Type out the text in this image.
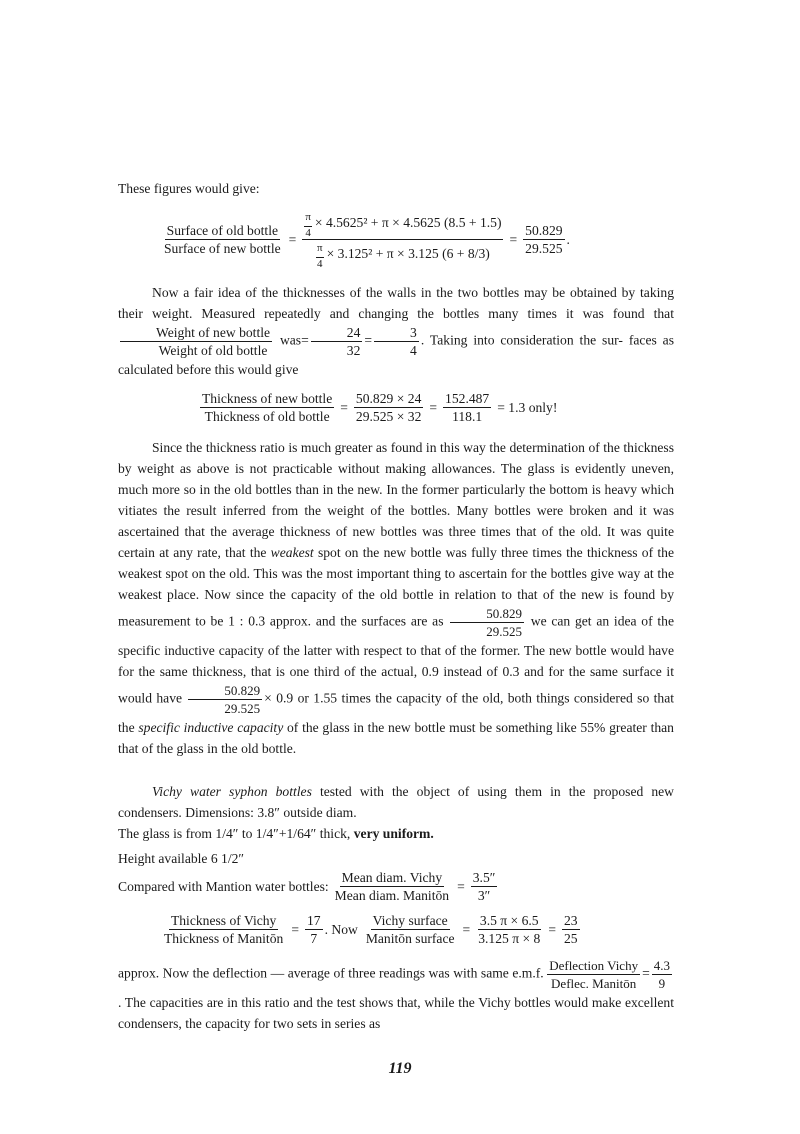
These figures would give:

$\frac{\text{Surface of old bottle}}{\text{Surface of new bottle}} = \frac{\frac{\pi}{4} \times 4.5625^2 + \pi \times 4.5625 (8.5 + 1.5)}{\frac{\pi}{4} \times 3.125^2 + \pi \times 3.125 (6 + 8/3)} = \frac{50.829}{29.525}$ .

Now a fair idea of the thicknesses of the walls in the two bottles may be obtained by taking their weight. Measured repeatedly and changing the bottles many times it was found that
$\frac{\text{Weight of new bottle}}{\text{Weight of old bottle}} was= \frac{24}{32} = \frac{3}{4}$ . Taking into consideration the sur- faces as calculated before this would give

$\frac{\text{Thickness of new bottle}}{\text{Thickness of old bottle}} = \frac{50.829 \times 24}{29.525 \times 32} = \frac{152.487}{118.1} = 1.3$ only!

Since the thickness ratio is much greater as found in this way the determination of the thickness by weight as above is not practicable without making allowances. The glass is evidently uneven, much more so in the old bottles than in the new. In the former particularly the bottom is heavy which vitiates the result inferred from the weight of the bottles. Many bottles were broken and it was ascertained that the average thickness of new bottles was three times that of the old. It was quite certain at any rate, that the weakest spot on the new bottle was fully three times the thickness of the weakest spot on the old. This was the most important thing to ascertain for the bottles give way at the weakest place. Now since the capacity of the old bottle in relation to that of the new is found by measurement to be 1 : 0.3 approx. and the surfaces are as $\frac{50.829}{29.525}$ we can get an idea of the specific inductive capacity of the latter with respect to that of the former. The new bottle would have for the same thickness, that is one third of the actual, 0.9 instead of 0.3 and for the same surface it would have $\frac{50.829}{29.525} \times 0.9$ or 1.55 times the capacity of the old, both things considered so that the specific inductive capacity of the glass in the new bottle must be something like 55% greater than that of the glass in the old bottle.

Vichy water syphon bottles tested with the object of using them in the proposed new condensers. Dimensions: 3.8″ outside diam.

The glass is from 1/4″ to 1/4″+1/64″ thick, very uniform.

Height available 6 1/2″

Compared with Mantion water bottles: $\frac{\text{Mean diam. Vichy}}{\text{Mean diam. Manitōn}} = \frac{3.5''}{3''}$
$\frac{\text{Thickness of Vichy}}{\text{Thickness of Manitōn}} = \frac{17}{7}$ . Now $\frac{\text{Vichy surface}}{\text{Manitōn surface}} = \frac{3.5 \pi \times 6.5}{3.125 \pi \times 8} = \frac{23}{25}$

approx. Now the deflection — average of three readings was with same e.m.f. $\frac{\text{Deflection Vichy}}{\text{Deflec. Manitōn}} = \frac{4.3}{9}$
. The capacities are in this ratio and the test shows that, while the Vichy bottles would make excellent condensers, the capacity for two sets in series as

119
